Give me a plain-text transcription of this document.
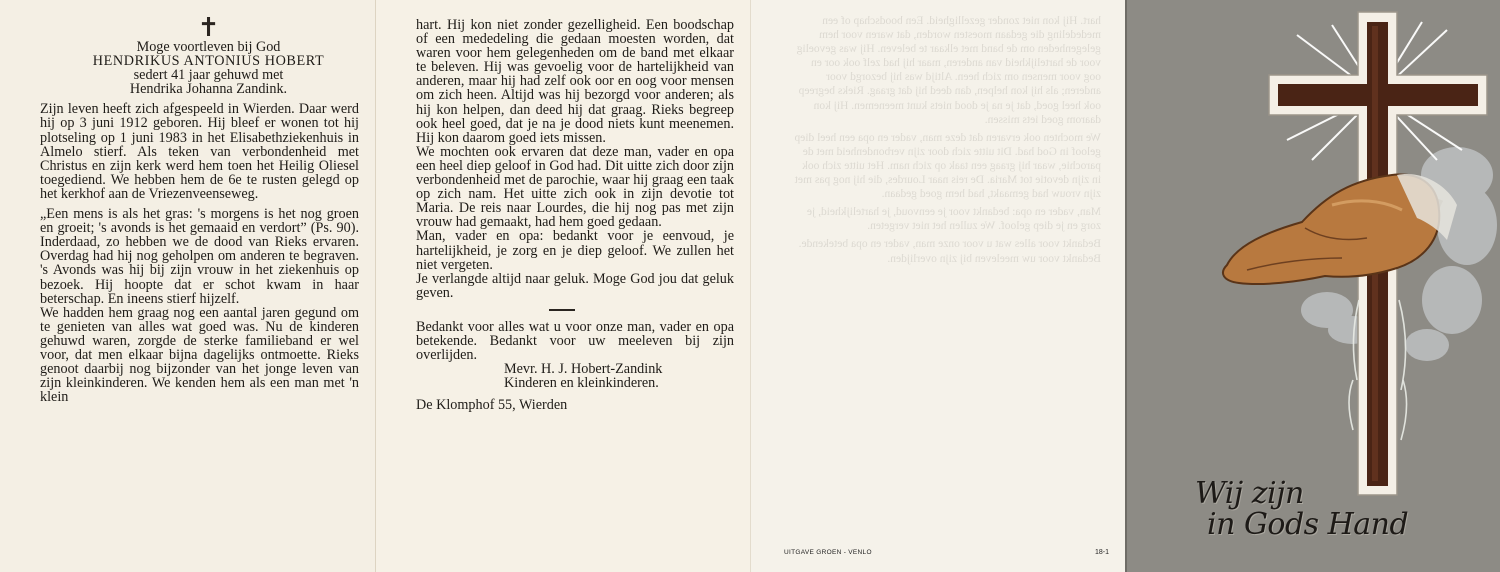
✝
Moge voortleven bij God
HENDRIKUS ANTONIUS HOBERT
sedert 41 jaar gehuwd met
Hendrika Johanna Zandink.

Zijn leven heeft zich afgespeeld in Wierden. Daar werd hij op 3 juni 1912 geboren. Hij bleef er wonen tot hij plotseling op 1 juni 1983 in het Elisabethziekenhuis in Almelo stierf. Als teken van verbondenheid met Christus en zijn kerk werd hem toen het Heilig Oliesel toegediend. We hebben hem de 6e te rusten gelegd op het kerkhof aan de Vriezenveenseweg.

„Een mens is als het gras: 's morgens is het nog groen en groeit; 's avonds is het gemaaid en verdort” (Ps. 90). Inderdaad, zo hebben we de dood van Rieks ervaren. Overdag had hij nog geholpen om anderen te begraven. 's Avonds was hij bij zijn vrouw in het ziekenhuis op bezoek. Hij hoopte dat er schot kwam in haar beterschap. En ineens stierf hijzelf.

We hadden hem graag nog een aantal jaren gegund om te genieten van alles wat goed was. Nu de kinderen gehuwd waren, zorgde de sterke familieband er wel voor, dat men elkaar bijna dagelijks ontmoette. Rieks genoot daarbij nog bijzonder van het jonge leven van zijn kleinkinderen. We kenden hem als een man met 'n klein

hart. Hij kon niet zonder gezelligheid. Een boodschap of een mededeling die gedaan moesten worden, dat waren voor hem gelegenheden om de band met elkaar te beleven. Hij was gevoelig voor de hartelijkheid van anderen, maar hij had zelf ook oor en oog voor mensen om zich heen. Altijd was hij bezorgd voor anderen; als hij kon helpen, dan deed hij dat graag. Rieks begreep ook heel goed, dat je na je dood niets kunt meenemen. Hij kon daarom goed iets missen.

We mochten ook ervaren dat deze man, vader en opa een heel diep geloof in God had. Dit uitte zich door zijn verbondenheid met de parochie, waar hij graag een taak op zich nam. Het uitte zich ook in zijn devotie tot Maria. De reis naar Lourdes, die hij nog pas met zijn vrouw had gemaakt, had hem goed gedaan.

Man, vader en opa: bedankt voor je eenvoud, je hartelijkheid, je zorg en je diep geloof. We zullen het niet vergeten.

Je verlangde altijd naar geluk. Moge God jou dat geluk geven.

Bedankt voor alles wat u voor onze man, vader en opa betekende. Bedankt voor uw meeleven bij zijn overlijden.

Mevr. H. J. Hobert-Zandink
Kinderen en kleinkinderen.
De Klomphof 55, Wierden

hart. Hij kon niet zonder gezelligheid. Een boodschap of een mededeling die gedaan moesten worden, dat waren voor hem gelegenheden om de band met elkaar te beleven. Hij was gevoelig voor de hartelijkheid van anderen, maar hij had zelf ook oor en oog voor mensen om zich heen. Altijd was hij bezorgd voor anderen; als hij kon helpen, dan deed hij dat graag. Rieks begreep ook heel goed, dat je na je dood niets kunt meenemen. Hij kon daarom goed iets missen.

We mochten ook ervaren dat deze man, vader en opa een heel diep geloof in God had. Dit uitte zich door zijn verbondenheid met de parochie, waar hij graag een taak op zich nam. Het uitte zich ook in zijn devotie tot Maria. De reis naar Lourdes, die hij nog pas met zijn vrouw had gemaakt, had hem goed gedaan.

Man, vader en opa: bedankt voor je eenvoud, je hartelijkheid, je zorg en je diep geloof. We zullen het niet vergeten.

Bedankt voor alles wat u voor onze man, vader en opa betekende. Bedankt voor uw meeleven bij zijn overlijden.

UITGAVE GROEN - VENLO	18-1
Wij zijn
in Gods Hand
